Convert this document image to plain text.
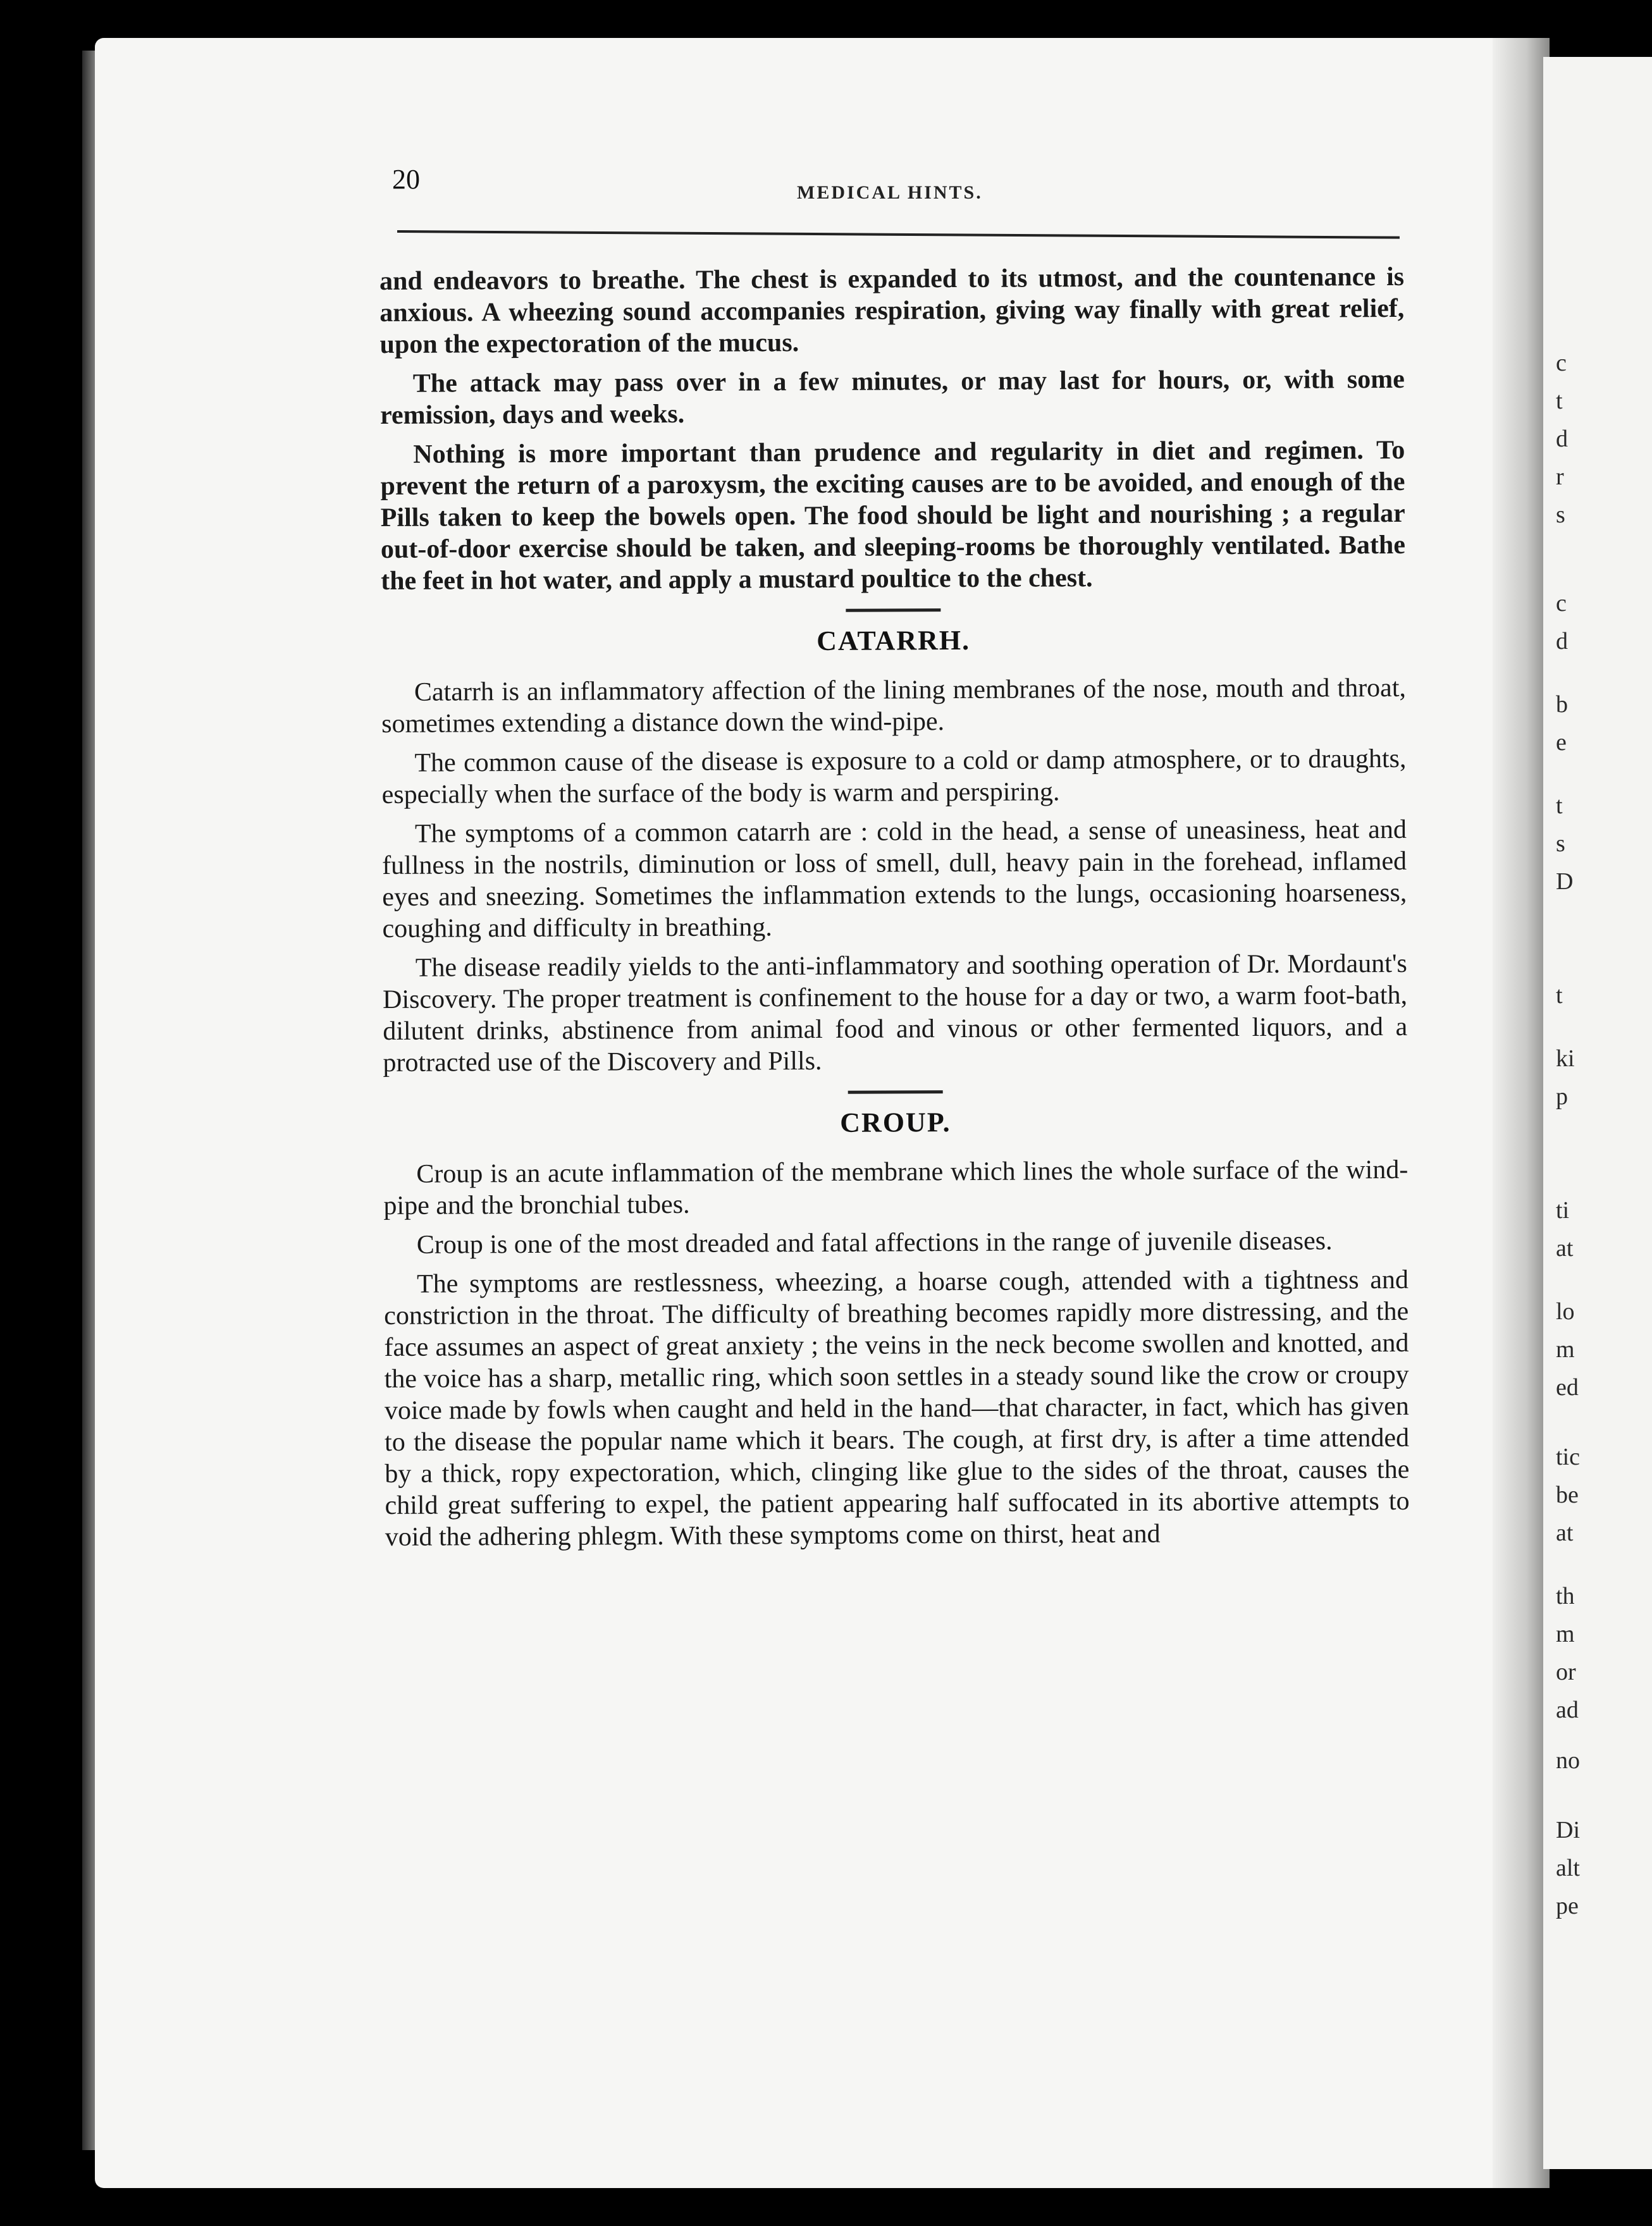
c
t
d
r
s
c
d
b
e
t
s
D
t
ki
p
ti
at
lo
m
ed
tic
be
at
th
m
or
ad
no
Di
alt
pe
20	MEDICAL HINTS.

and endeavors to breathe. The chest is expanded to its utmost, and the countenance is anxious. A wheezing sound accompanies respiration, giving way finally with great relief, upon the expectoration of the mucus.

The attack may pass over in a few minutes, or may last for hours, or, with some remission, days and weeks.

Nothing is more important than prudence and regularity in diet and regimen. To prevent the return of a paroxysm, the exciting causes are to be avoided, and enough of the Pills taken to keep the bowels open. The food should be light and nourishing ; a regular out-of-door exercise should be taken, and sleeping-rooms be thoroughly ventilated. Bathe the feet in hot water, and apply a mustard poultice to the chest.

CATARRH.

Catarrh is an inflammatory affection of the lining membranes of the nose, mouth and throat, sometimes extending a distance down the wind-pipe.

The common cause of the disease is exposure to a cold or damp atmosphere, or to draughts, especially when the surface of the body is warm and perspiring.

The symptoms of a common catarrh are : cold in the head, a sense of uneasiness, heat and fullness in the nostrils, diminution or loss of smell, dull, heavy pain in the forehead, inflamed eyes and sneezing. Sometimes the inflammation extends to the lungs, occasioning hoarseness, coughing and difficulty in breathing.

The disease readily yields to the anti-inflammatory and soothing operation of Dr. Mordaunt's Discovery. The proper treatment is confinement to the house for a day or two, a warm foot-bath, dilutent drinks, abstinence from animal food and vinous or other fermented liquors, and a protracted use of the Discovery and Pills.

CROUP.

Croup is an acute inflammation of the membrane which lines the whole surface of the wind-pipe and the bronchial tubes.

Croup is one of the most dreaded and fatal affections in the range of juvenile diseases.

The symptoms are restlessness, wheezing, a hoarse cough, attended with a tightness and constriction in the throat. The difficulty of breathing becomes rapidly more distressing, and the face assumes an aspect of great anxiety ; the veins in the neck become swollen and knotted, and the voice has a sharp, metallic ring, which soon settles in a steady sound like the crow or croupy voice made by fowls when caught and held in the hand—that character, in fact, which has given to the disease the popular name which it bears. The cough, at first dry, is after a time attended by a thick, ropy expectoration, which, clinging like glue to the sides of the throat, causes the child great suffering to expel, the patient appearing half suffocated in its abortive attempts to void the adhering phlegm. With these symptoms come on thirst, heat and
